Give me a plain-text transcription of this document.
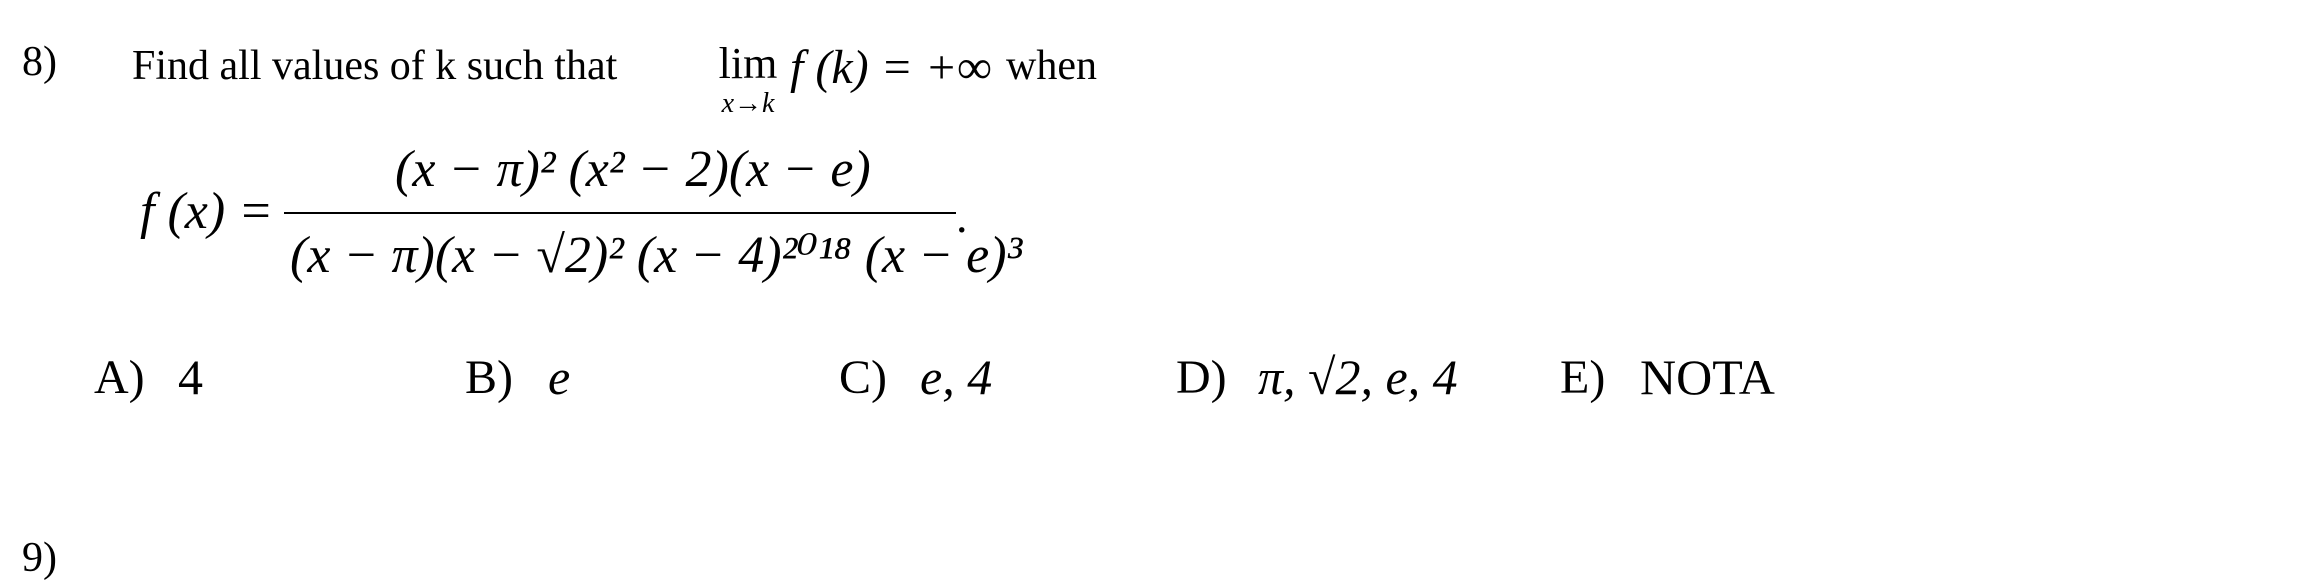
8) Find all values of k such that lim
x→k
f (k) = +∞ when
f (x) =
(x − π)² (x² − 2)(x − e)
(x − π)(x − √2)² (x − 4)²⁰¹⁸ (x − e)³
.
A) 4	B) e	C) e, 4	D) π, √2, e, 4 E) NOTA
9)
